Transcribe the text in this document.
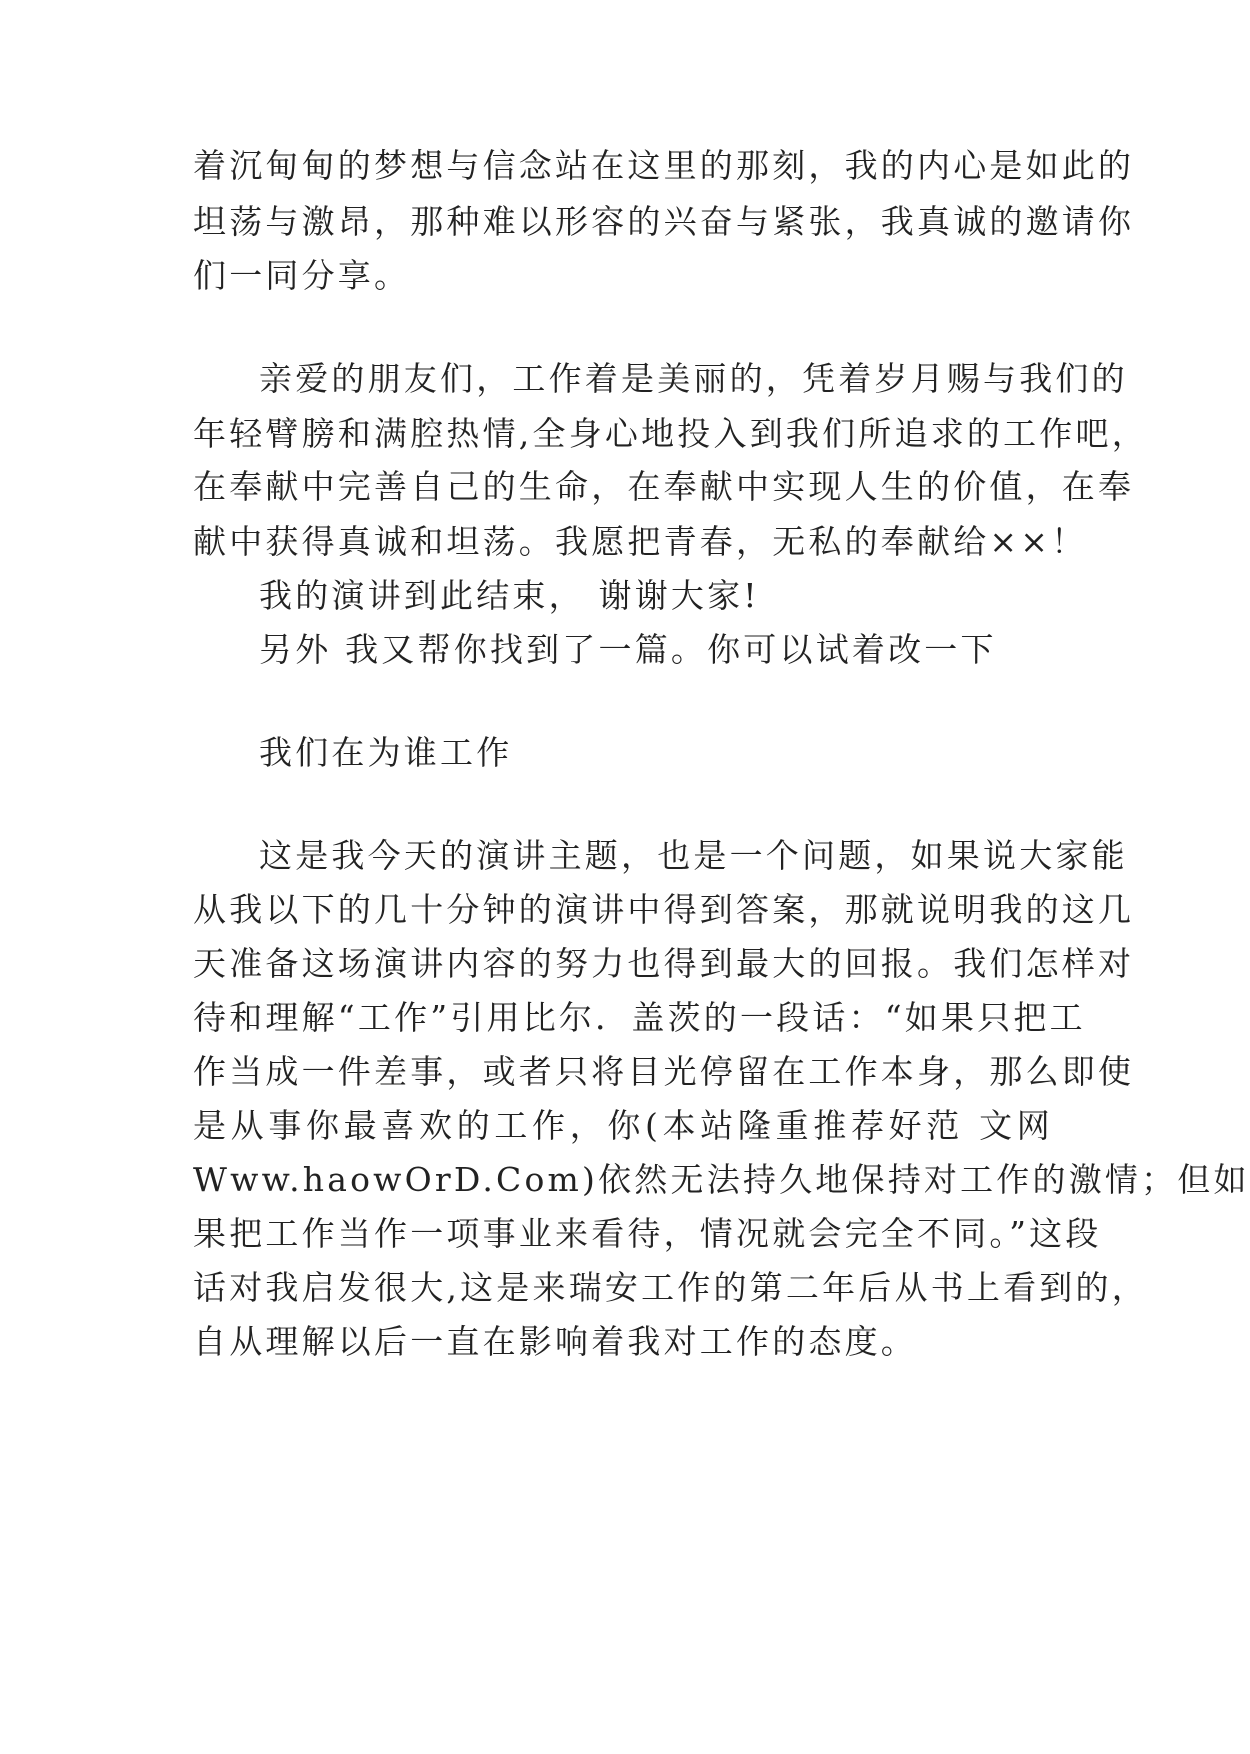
着沉甸甸的梦想与信念站在这里的那刻，我的内心是如此的
坦荡与激昂，那种难以形容的兴奋与紧张，我真诚的邀请你
们一同分享。
亲爱的朋友们，工作着是美丽的，凭着岁月赐与我们的
年轻臂膀和满腔热情,全身心地投入到我们所追求的工作吧，
在奉献中完善自己的生命，在奉献中实现人生的价值，在奉
献中获得真诚和坦荡。我愿把青春，无私的奉献给××！
我的演讲到此结束， 谢谢大家!
另外 我又帮你找到了一篇。你可以试着改一下
我们在为谁工作
这是我今天的演讲主题，也是一个问题，如果说大家能
从我以下的几十分钟的演讲中得到答案，那就说明我的这几
天准备这场演讲内容的努力也得到最大的回报。我们怎样对
待和理解“工作”引用比尔．盖茨的一段话：“如果只把工
作当成一件差事，或者只将目光停留在工作本身，那么即使
是从事你最喜欢的工作，你(本站隆重推荐好范 文网
Www.haowOrD.Com)依然无法持久地保持对工作的激情；但如
果把工作当作一项事业来看待，情况就会完全不同。”这段
话对我启发很大,这是来瑞安工作的第二年后从书上看到的，
自从理解以后一直在影响着我对工作的态度。
